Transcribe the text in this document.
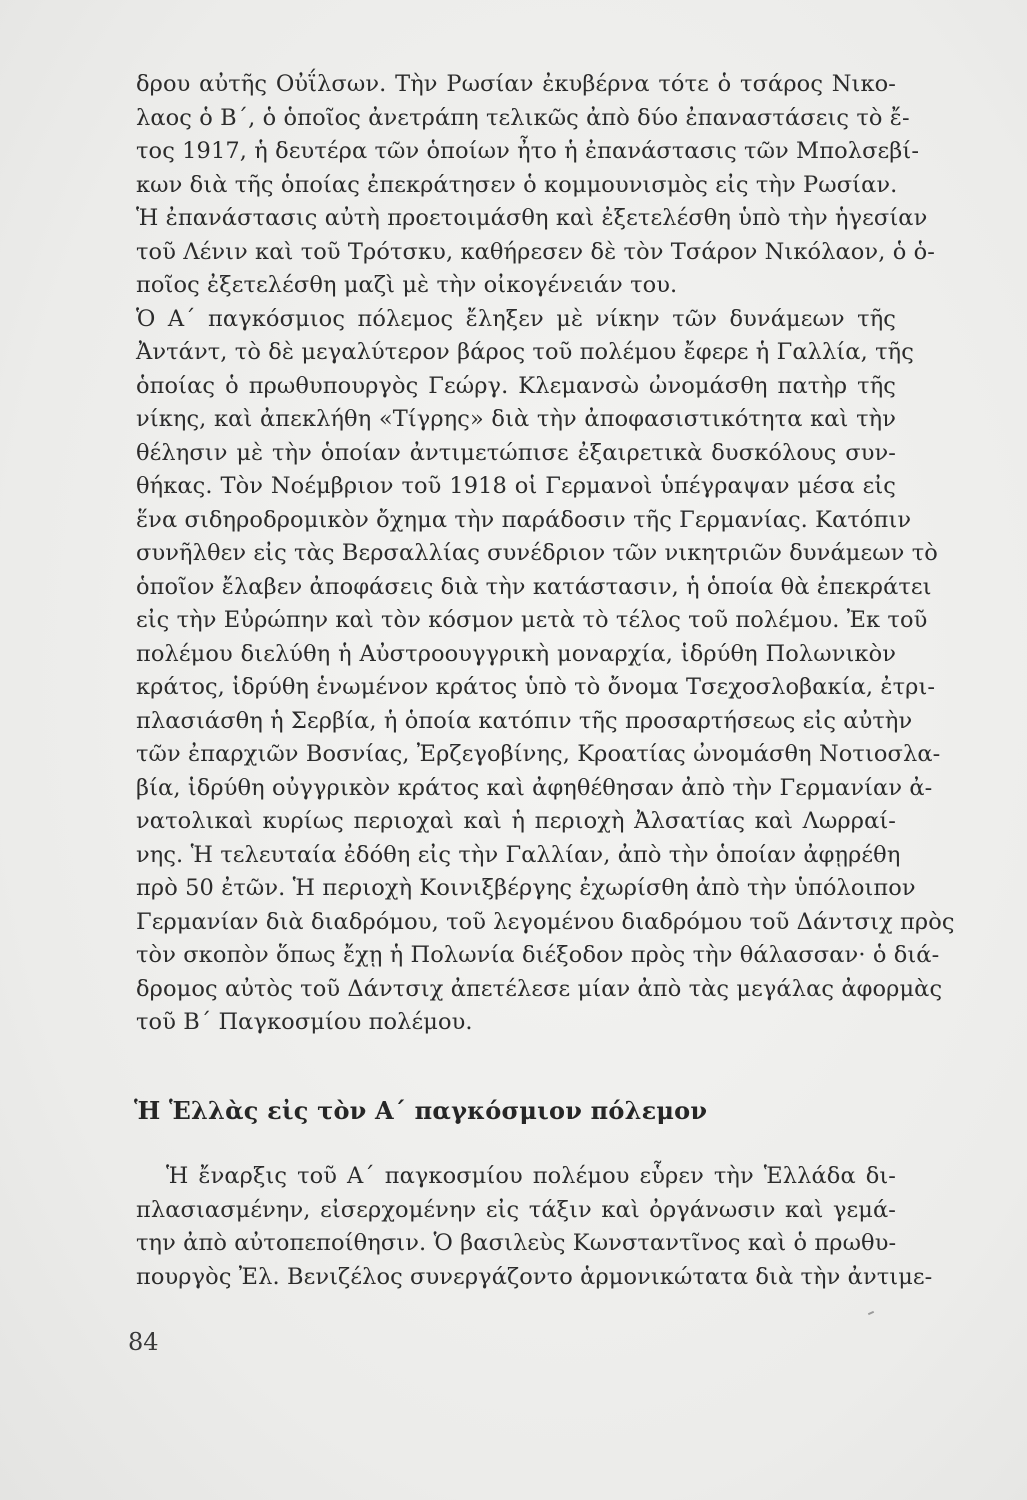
δρου αὐτῆς Οὐΐλσων. Τὴν Ρωσίαν ἐκυβέρνα τότε ὁ τσάρος Νικο-
λαος ὁ Β΄, ὁ ὁποῖος ἀνετράπη τελικῶς ἀπὸ δύο ἐπαναστάσεις τὸ ἔ-
τος 1917, ἡ δευτέρα τῶν ὁποίων ἦτο ἡ ἐπανάστασις τῶν Μπολσεβί-
κων διὰ τῆς ὁποίας ἐπεκράτησεν ὁ κομμουνισμὸς εἰς τὴν Ρωσίαν.
Ἡ ἐπανάστασις αὐτὴ προετοιμάσθη καὶ ἐξετελέσθη ὑπὸ τὴν ἡγεσίαν
τοῦ Λένιν καὶ τοῦ Τρότσκυ, καθήρεσεν δὲ τὸν Τσάρον Νικόλαον, ὁ ὁ-
ποῖος ἐξετελέσθη μαζὶ μὲ τὴν οἰκογένειάν του.
Ὁ Α΄ παγκόσμιος πόλεμος ἔληξεν μὲ νίκην τῶν δυνάμεων τῆς
Ἀντάντ, τὸ δὲ μεγαλύτερον βάρος τοῦ πολέμου ἔφερε ἡ Γαλλία, τῆς
ὁποίας ὁ πρωθυπουργὸς Γεώργ. Κλεμανσὼ ὠνομάσθη πατὴρ τῆς
νίκης, καὶ ἀπεκλήθη «Τίγρης» διὰ τὴν ἀποφασιστικότητα καὶ τὴν
θέλησιν μὲ τὴν ὁποίαν ἀντιμετώπισε ἐξαιρετικὰ δυσκόλους συν-
θήκας. Τὸν Νοέμβριον τοῦ 1918 οἱ Γερμανοὶ ὑπέγραψαν μέσα εἰς
ἕνα σιδηροδρομικὸν ὄχημα τὴν παράδοσιν τῆς Γερμανίας. Κατόπιν
συνῆλθεν εἰς τὰς Βερσαλλίας συνέδριον τῶν νικητριῶν δυνάμεων τὸ
ὁποῖον ἔλαβεν ἀποφάσεις διὰ τὴν κατάστασιν, ἡ ὁποία θὰ ἐπεκράτει
εἰς τὴν Εὐρώπην καὶ τὸν κόσμον μετὰ τὸ τέλος τοῦ πολέμου. Ἐκ τοῦ
πολέμου διελύθη ἡ Αὐστροουγγρικὴ μοναρχία, ἱδρύθη Πολωνικὸν
κράτος, ἱδρύθη ἑνωμένον κράτος ὑπὸ τὸ ὄνομα Τσεχοσλοβακία, ἐτρι-
πλασιάσθη ἡ Σερβία, ἡ ὁποία κατόπιν τῆς προσαρτήσεως εἰς αὐτὴν
τῶν ἐπαρχιῶν Βοσνίας, Ἐρζεγοβίνης, Κροατίας ὠνομάσθη Νοτιοσλα-
βία, ἱδρύθη οὐγγρικὸν κράτος καὶ ἀφηθέθησαν ἀπὸ τὴν Γερμανίαν ἀ-
νατολικαὶ κυρίως περιοχαὶ καὶ ἡ περιοχὴ Ἀλσατίας καὶ Λωρραί-
νης. Ἡ τελευταία ἐδόθη εἰς τὴν Γαλλίαν, ἀπὸ τὴν ὁποίαν ἀφῃρέθη
πρὸ 50 ἐτῶν. Ἡ περιοχὴ Κοινιξβέργης ἐχωρίσθη ἀπὸ τὴν ὑπόλοιπον
Γερμανίαν διὰ διαδρόμου, τοῦ λεγομένου διαδρόμου τοῦ Δάντσιχ πρὸς
τὸν σκοπὸν ὅπως ἔχῃ ἡ Πολωνία διέξοδον πρὸς τὴν θάλασσαν· ὁ διά-
δρομος αὐτὸς τοῦ Δάντσιχ ἀπετέλεσε μίαν ἀπὸ τὰς μεγάλας ἀφορμὰς
τοῦ Β΄ Παγκοσμίου πολέμου.
Ἡ Ἑλλὰς εἰς τὸν Α΄ παγκόσμιον πόλεμον
Ἡ ἔναρξις τοῦ Α΄ παγκοσμίου πολέμου εὗρεν τὴν Ἑλλάδα δι-
πλασιασμένην, εἰσερχομένην εἰς τάξιν καὶ ὀργάνωσιν καὶ γεμά-
την ἀπὸ αὐτοπεποίθησιν. Ὁ βασιλεὺς Κωνσταντῖνος καὶ ὁ πρωθυ-
πουργὸς Ἐλ. Βενιζέλος συνεργάζοντο ἁρμονικώτατα διὰ τὴν ἀντιμε-
84
